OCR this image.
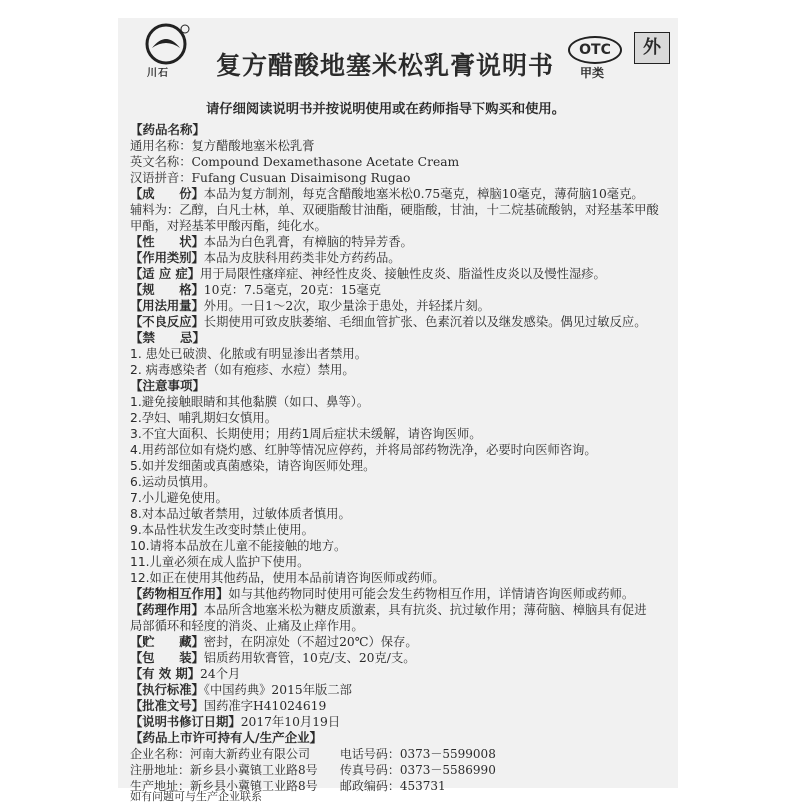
川石
OTC
甲类
外
复方醋酸地塞米松乳膏说明书
请仔细阅读说明书并按说明使用或在药师指导下购买和使用。
【药品名称】
通用名称：复方醋酸地塞米松乳膏
英文名称：Compound Dexamethasone Acetate Cream
汉语拼音：Fufang Cusuan Disaimisong Rugao
【成　　份】本品为复方制剂，每克含醋酸地塞米松0.75毫克，樟脑10毫克，薄荷脑10毫克。
辅料为：乙醇，白凡士林，单、双硬脂酸甘油酯，硬脂酸，甘油，十二烷基硫酸钠，对羟基苯甲酸
甲酯，对羟基苯甲酸丙酯，纯化水。
【性　　状】本品为白色乳膏，有樟脑的特异芳香。
【作用类别】本品为皮肤科用药类非处方药药品。
【适 应 症】用于局限性瘙痒症、神经性皮炎、接触性皮炎、脂溢性皮炎以及慢性湿疹。
【规　　格】10克：7.5毫克，20克：15毫克
【用法用量】外用。一日1～2次，取少量涂于患处，并轻揉片刻。
【不良反应】长期使用可致皮肤萎缩、毛细血管扩张、色素沉着以及继发感染。偶见过敏反应。
【禁　　忌】
1. 患处已破溃、化脓或有明显渗出者禁用。
2. 病毒感染者（如有疱疹、水痘）禁用。
【注意事项】
1.避免接触眼睛和其他黏膜（如口、鼻等）。
2.孕妇、哺乳期妇女慎用。
3.不宜大面积、长期使用；用药1周后症状未缓解，请咨询医师。
4.用药部位如有烧灼感、红肿等情况应停药，并将局部药物洗净，必要时向医师咨询。
5.如并发细菌或真菌感染，请咨询医师处理。
6.运动员慎用。
7.小儿避免使用。
8.对本品过敏者禁用，过敏体质者慎用。
9.本品性状发生改变时禁止使用。
10.请将本品放在儿童不能接触的地方。
11.儿童必须在成人监护下使用。
12.如正在使用其他药品，使用本品前请咨询医师或药师。
【药物相互作用】如与其他药物同时使用可能会发生药物相互作用，详情请咨询医师或药师。
【药理作用】本品所含地塞米松为糖皮质激素，具有抗炎、抗过敏作用；薄荷脑、樟脑具有促进
局部循环和轻度的消炎、止痛及止痒作用。
【贮　　藏】密封，在阴凉处（不超过20℃）保存。
【包　　装】铝质药用软膏管，10克/支、20克/支。
【有 效 期】24个月
【执行标准】《中国药典》2015年版二部
【批准文号】国药准字H41024619
【说明书修订日期】2017年10月19日
【药品上市许可持有人/生产企业】
企业名称：河南大新药业有限公司 电话号码：0373－5599008
注册地址：新乡县小冀镇工业路8号 传真号码：0373－5586990
生产地址：新乡县小冀镇工业路8号 邮政编码：453731
如有问题可与生产企业联系
